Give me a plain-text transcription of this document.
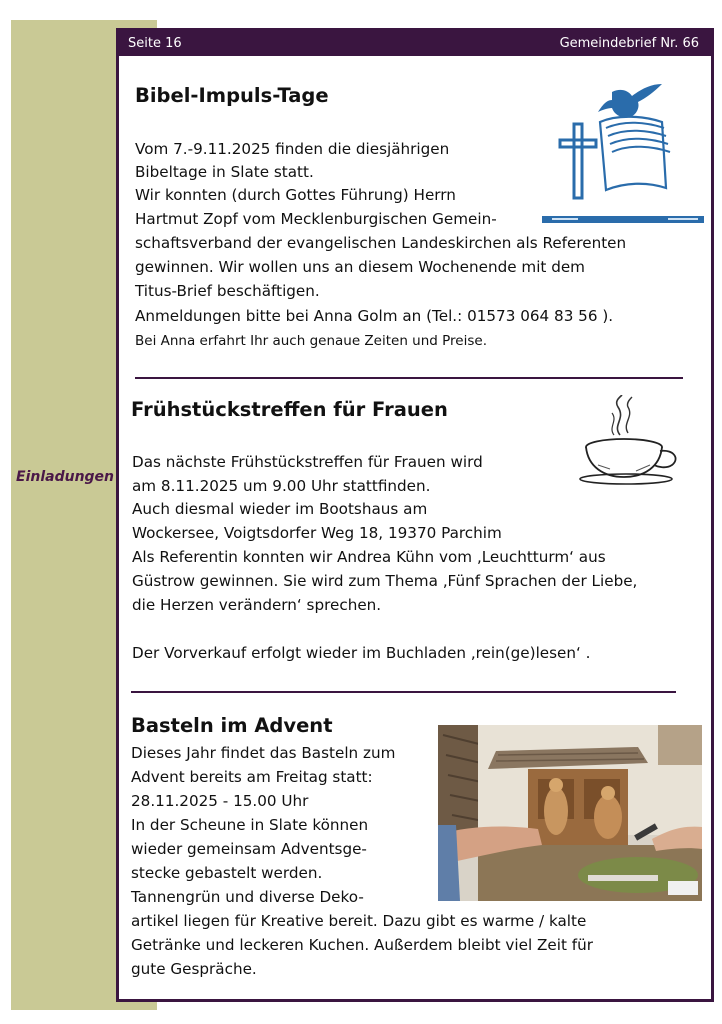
Einladungen
Seite 16	Gemeindebrief Nr. 66
Bibel-Impuls-Tage
Vom 7.-9.11.2025 finden die diesjährigen
Bibeltage in Slate statt.
Wir konnten (durch Gottes Führung) Herrn
Hartmut Zopf vom Mecklenburgischen Gemein-
schaftsverband der evangelischen Landeskirchen als Referenten
gewinnen. Wir wollen uns an diesem Wochenende mit dem
Titus-Brief beschäftigen.
Anmeldungen bitte bei Anna Golm an (Tel.: 01573 064 83 56 ).
Bei Anna erfahrt Ihr auch genaue Zeiten und Preise.
Frühstückstreffen für Frauen
Das nächste Frühstückstreffen für Frauen wird
am 8.11.2025 um 9.00 Uhr stattfinden.
Auch diesmal wieder im Bootshaus am
Wockersee, Voigtsdorfer Weg 18, 19370 Parchim
Als Referentin konnten wir Andrea Kühn vom ‚Leuchtturm‘ aus
Güstrow gewinnen. Sie wird zum Thema ‚Fünf Sprachen der Liebe,
die Herzen verändern‘ sprechen.
Der Vorverkauf erfolgt wieder im Buchladen ‚rein(ge)lesen‘ .
Basteln im Advent
Dieses Jahr findet das Basteln zum
Advent bereits am Freitag statt:
28.11.2025 - 15.00 Uhr
In der Scheune in Slate können
wieder gemeinsam Adventsge-
stecke gebastelt werden.
Tannengrün und diverse Deko-
artikel liegen für Kreative bereit. Dazu gibt es warme / kalte
Getränke und leckeren Kuchen. Außerdem bleibt viel Zeit für
gute Gespräche.
